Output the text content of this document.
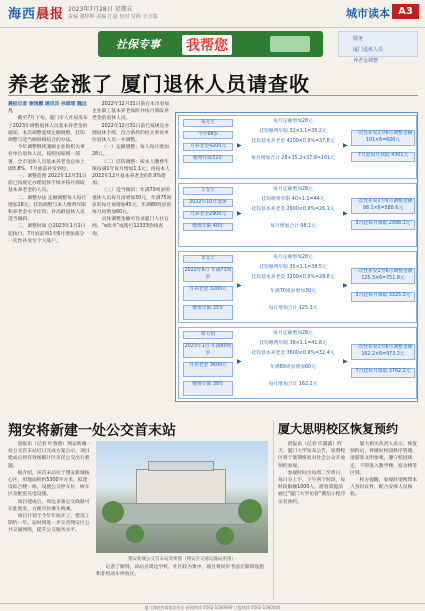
海西晨报 2023年7月28日 星期五
责编 谢婷婷 美编 江晨 校对 付熙 辛玉瑞	城市读本 A3
社保专事 我帮您	服务
厦门退休人员
养老金调整
养老金涨了 厦门退休人员请查收
晨报记者 谢逸鹏 通讯员 孙瑶瑶 魏远凡

截至7月下旬，厦门市人社局发布了2023年调整退休人员基本养老金的通知，本次调整延续定额调整、挂钩调整与适当倾斜相结合的办法。

今年调整继续兼顾企业和机关事业单位退休人员，按照国家统一部署，全市退休人员基本养老金总体上调3.8%，7月底前补发到位。

一、调整范围 2022年12月31日前已按规定办理退休手续并按月领取基本养老金的人员。

二、调整办法 定额调整每人每月增加28元；挂钩调整与本人缴费年限和养老金水平挂钩；对高龄退休人员适当倾斜。

三、调整时间 自2023年1月1日起执行，7月底前将1至6月增加部分一次性补发至个人账户。

2022年12月31日前在本市参加企业职工基本养老保险并按月领取养老金的退休人员。

2022年12月31日前已按规定办理退休手续，符合条件的机关事业单位退休人员一并调整。

（一）定额调整：每人每月增加28元。

（二）挂钩调整：按本人缴费年限每满1年每月增加1.1元；再按本人2022年12月基本养老金的0.9%增加。

（三）适当倾斜：年满70周岁的退休人员每月再增加30元，年满75周岁的每月再增加45元，年满80周岁的每月再增加60元。

具体调整金额可登录厦门人社官网、“e政务”或拨打12333热线查询。

张先生
今年68岁
月养老金4200元
缴费年限32年
▶
每月定额增加28元
挂钩缴费年限 32×1.1=35.2元
挂钩基本养老金 4200×0.9%=37.8元
每月增加合计 28+35.2+37.8=101元
▶
一次性补发1至6月调整金额 101×6=606元
7月起每月领取 4301元
王女士
2022年10月退休
月养老金2900元
缴费年限 40年
▶
每月定额增加28元
挂钩缴费年限 40×1.1=44元
挂钩基本养老金 2900×0.9%=26.1元
每月增加合计 98.1元
▶
一次性补发1至6月调整金额 98.1×6=588.6元
3月起每月领取 2998.1元
李女士
2022年6月 年满73周岁
月养老金 3200元
缴费年限 35年
▶
每月定额增加28元
挂钩缴费年限 35×1.1=38.5元
挂钩基本养老金 3200×0.9%=28.8元
年满70周岁增加30元
每月增加合计 125.3元
▶
一次性补发1至6月调整金额 125.3×6=751.8元
3月起每月领取 3325.3元
黄大伯
2023年1月 年满80周岁
月养老金 3600元
缴费年限 38年
▶
每月定额增加28元
挂钩缴费年限 38×1.1=41.8元
挂钩基本养老金 3600×0.9%=32.4元
年满80周岁增加60元
每月增加合计 162.2元
▶
一次性补发1至6月调整金额 162.2×6=973.2元
7月起每月领取 3762.2元
翔安将新建一处公交首末站

晨报讯（记者 叶蓉蓉）翔安新城一处公交首末站近日完成方案公示，项目建成后将有效缓解片区市民公交出行难题。

据介绍，该首末站位于翔安新城核心区，用地面积约5300平方米，拟建设综合楼一栋，设置公交停车位、候车区及配套充电设施。

项目建成后，周边多条公交线路可在此始发，方便市民乘车换乘。

项目计划于今年年底开工，建设工期约一年。届时将进一步完善翔安区公共交通网络，提升公交服务水平。

翔安新城公交首末站效果图（翔安区交通运输局供图）

记者了解到，该站点周边学校、社区较为集中，项目将同步考虑无障碍设施和非机动车停放区。

厦大思明校区恢复预约

晨报讯（记者 许露露）昨天，厦门大学发布公告，思明校区将于暑期恢复对社会公众开放预约参观。

参观时间为每周二至周日，每日分上午、下午两个时段，每时段限额1000人。游客需提前通过“厦门大学访客”微信小程序实名预约。

厦大相关负责人表示，恢复预约后，将做好校园秩序管理，请游客文明参观，遵守校园规定，不得进入教学楼、宿舍楼等区域。

校方提醒，参观时请携带本人身份证件，配合安保人员核验。

厦门海峡传媒集团出品 新闻热线 0592-5589999 订报热线 0592-5380000
